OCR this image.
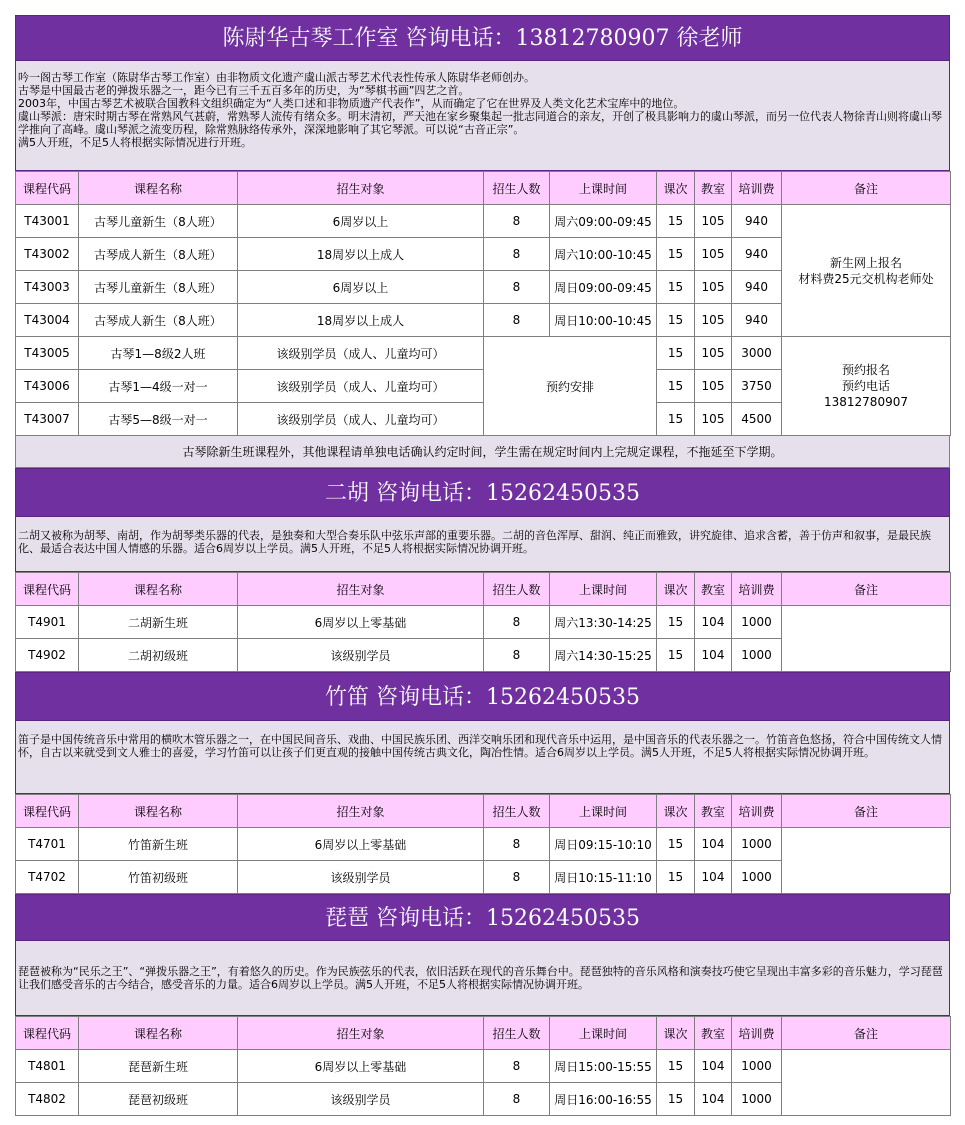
陈尉华古琴工作室 咨询电话：13812780907 徐老师

吟一阁古琴工作室（陈尉华古琴工作室）由非物质文化遗产虞山派古琴艺术代表性传承人陈尉华老师创办。

古琴是中国最古老的弹拨乐器之一，距今已有三千五百多年的历史，为“琴棋书画”四艺之首。

2003年，中国古琴艺术被联合国教科文组织确定为“人类口述和非物质遗产代表作”，从而确定了它在世界及人类文化艺术宝库中的地位。

虞山琴派：唐宋时期古琴在常熟风气甚蔚，常熟琴人流传有绪众多。明末清初，严天池在家乡聚集起一批志同道合的亲友，开创了极具影响力的虞山琴派，而另一位代表人物徐青山则将虞山琴学推向了高峰。虞山琴派之流变历程，除常熟脉络传承外，深深地影响了其它琴派。可以说“古音正宗”。

满5人开班，不足5人将根据实际情况进行开班。

课程代码	课程名称	招生对象	招生人数	上课时间	课次	教室	培训费	备注
T43001	古琴儿童新生（8人班）	6周岁以上	8	周六09:00-09:45	15	105	940	新生网上报名
材料费25元交机构老师处

T43002	古琴成人新生（8人班）	18周岁以上成人	8	周六10:00-10:45	15	105	940	
T43003	古琴儿童新生（8人班）	6周岁以上	8	周日09:00-09:45	15	105	940	
T43004	古琴成人新生（8人班）	18周岁以上成人	8	周日10:00-10:45	15	105	940	
T43005	古琴1—8级2人班	该级别学员（成人、儿童均可）	预约安排		15	105	3000	预约报名
预约电话
13812780907

T43006	古琴1—4级一对一	该级别学员（成人、儿童均可）			15	105	3750	
T43007	古琴5—8级一对一	该级别学员（成人、儿童均可）			15	105	4500	
古琴除新生班课程外，其他课程请单独电话确认约定时间，学生需在规定时间内上完规定课程，不拖延至下学期。
二胡 咨询电话：15262450535

二胡又被称为胡琴、南胡，作为胡琴类乐器的代表，是独奏和大型合奏乐队中弦乐声部的重要乐器。二胡的音色浑厚、甜润、纯正而雅致，讲究旋律、追求含蓄，善于仿声和叙事，是最民族化、最适合表达中国人情感的乐器。适合6周岁以上学员。满5人开班，不足5人将根据实际情况协调开班。

课程代码	课程名称	招生对象	招生人数	上课时间	课次	教室	培训费	备注
T4901	二胡新生班	6周岁以上零基础	8	周六13:30-14:25	15	104	1000	
T4902	二胡初级班	该级别学员	8	周六14:30-15:25	15	104	1000	
竹笛 咨询电话：15262450535

笛子是中国传统音乐中常用的横吹木管乐器之一，在中国民间音乐、戏曲、中国民族乐团、西洋交响乐团和现代音乐中运用，是中国音乐的代表乐器之一。竹笛音色悠扬，符合中国传统文人情怀，自古以来就受到文人雅士的喜爱，学习竹笛可以让孩子们更直观的接触中国传统古典文化，陶冶性情。适合6周岁以上学员。满5人开班，不足5人将根据实际情况协调开班。

课程代码	课程名称	招生对象	招生人数	上课时间	课次	教室	培训费	备注
T4701	竹笛新生班	6周岁以上零基础	8	周日09:15-10:10	15	104	1000	
T4702	竹笛初级班	该级别学员	8	周日10:15-11:10	15	104	1000	
琵琶 咨询电话：15262450535

琵琶被称为“民乐之王”、“弹拨乐器之王”，有着悠久的历史。作为民族弦乐的代表，依旧活跃在现代的音乐舞台中。琵琶独特的音乐风格和演奏技巧使它呈现出丰富多彩的音乐魅力，学习琵琶让我们感受音乐的古今结合，感受音乐的力量。适合6周岁以上学员。满5人开班，不足5人将根据实际情况协调开班。

课程代码	课程名称	招生对象	招生人数	上课时间	课次	教室	培训费	备注
T4801	琵琶新生班	6周岁以上零基础	8	周日15:00-15:55	15	104	1000	
T4802	琵琶初级班	该级别学员	8	周日16:00-16:55	15	104	1000	
